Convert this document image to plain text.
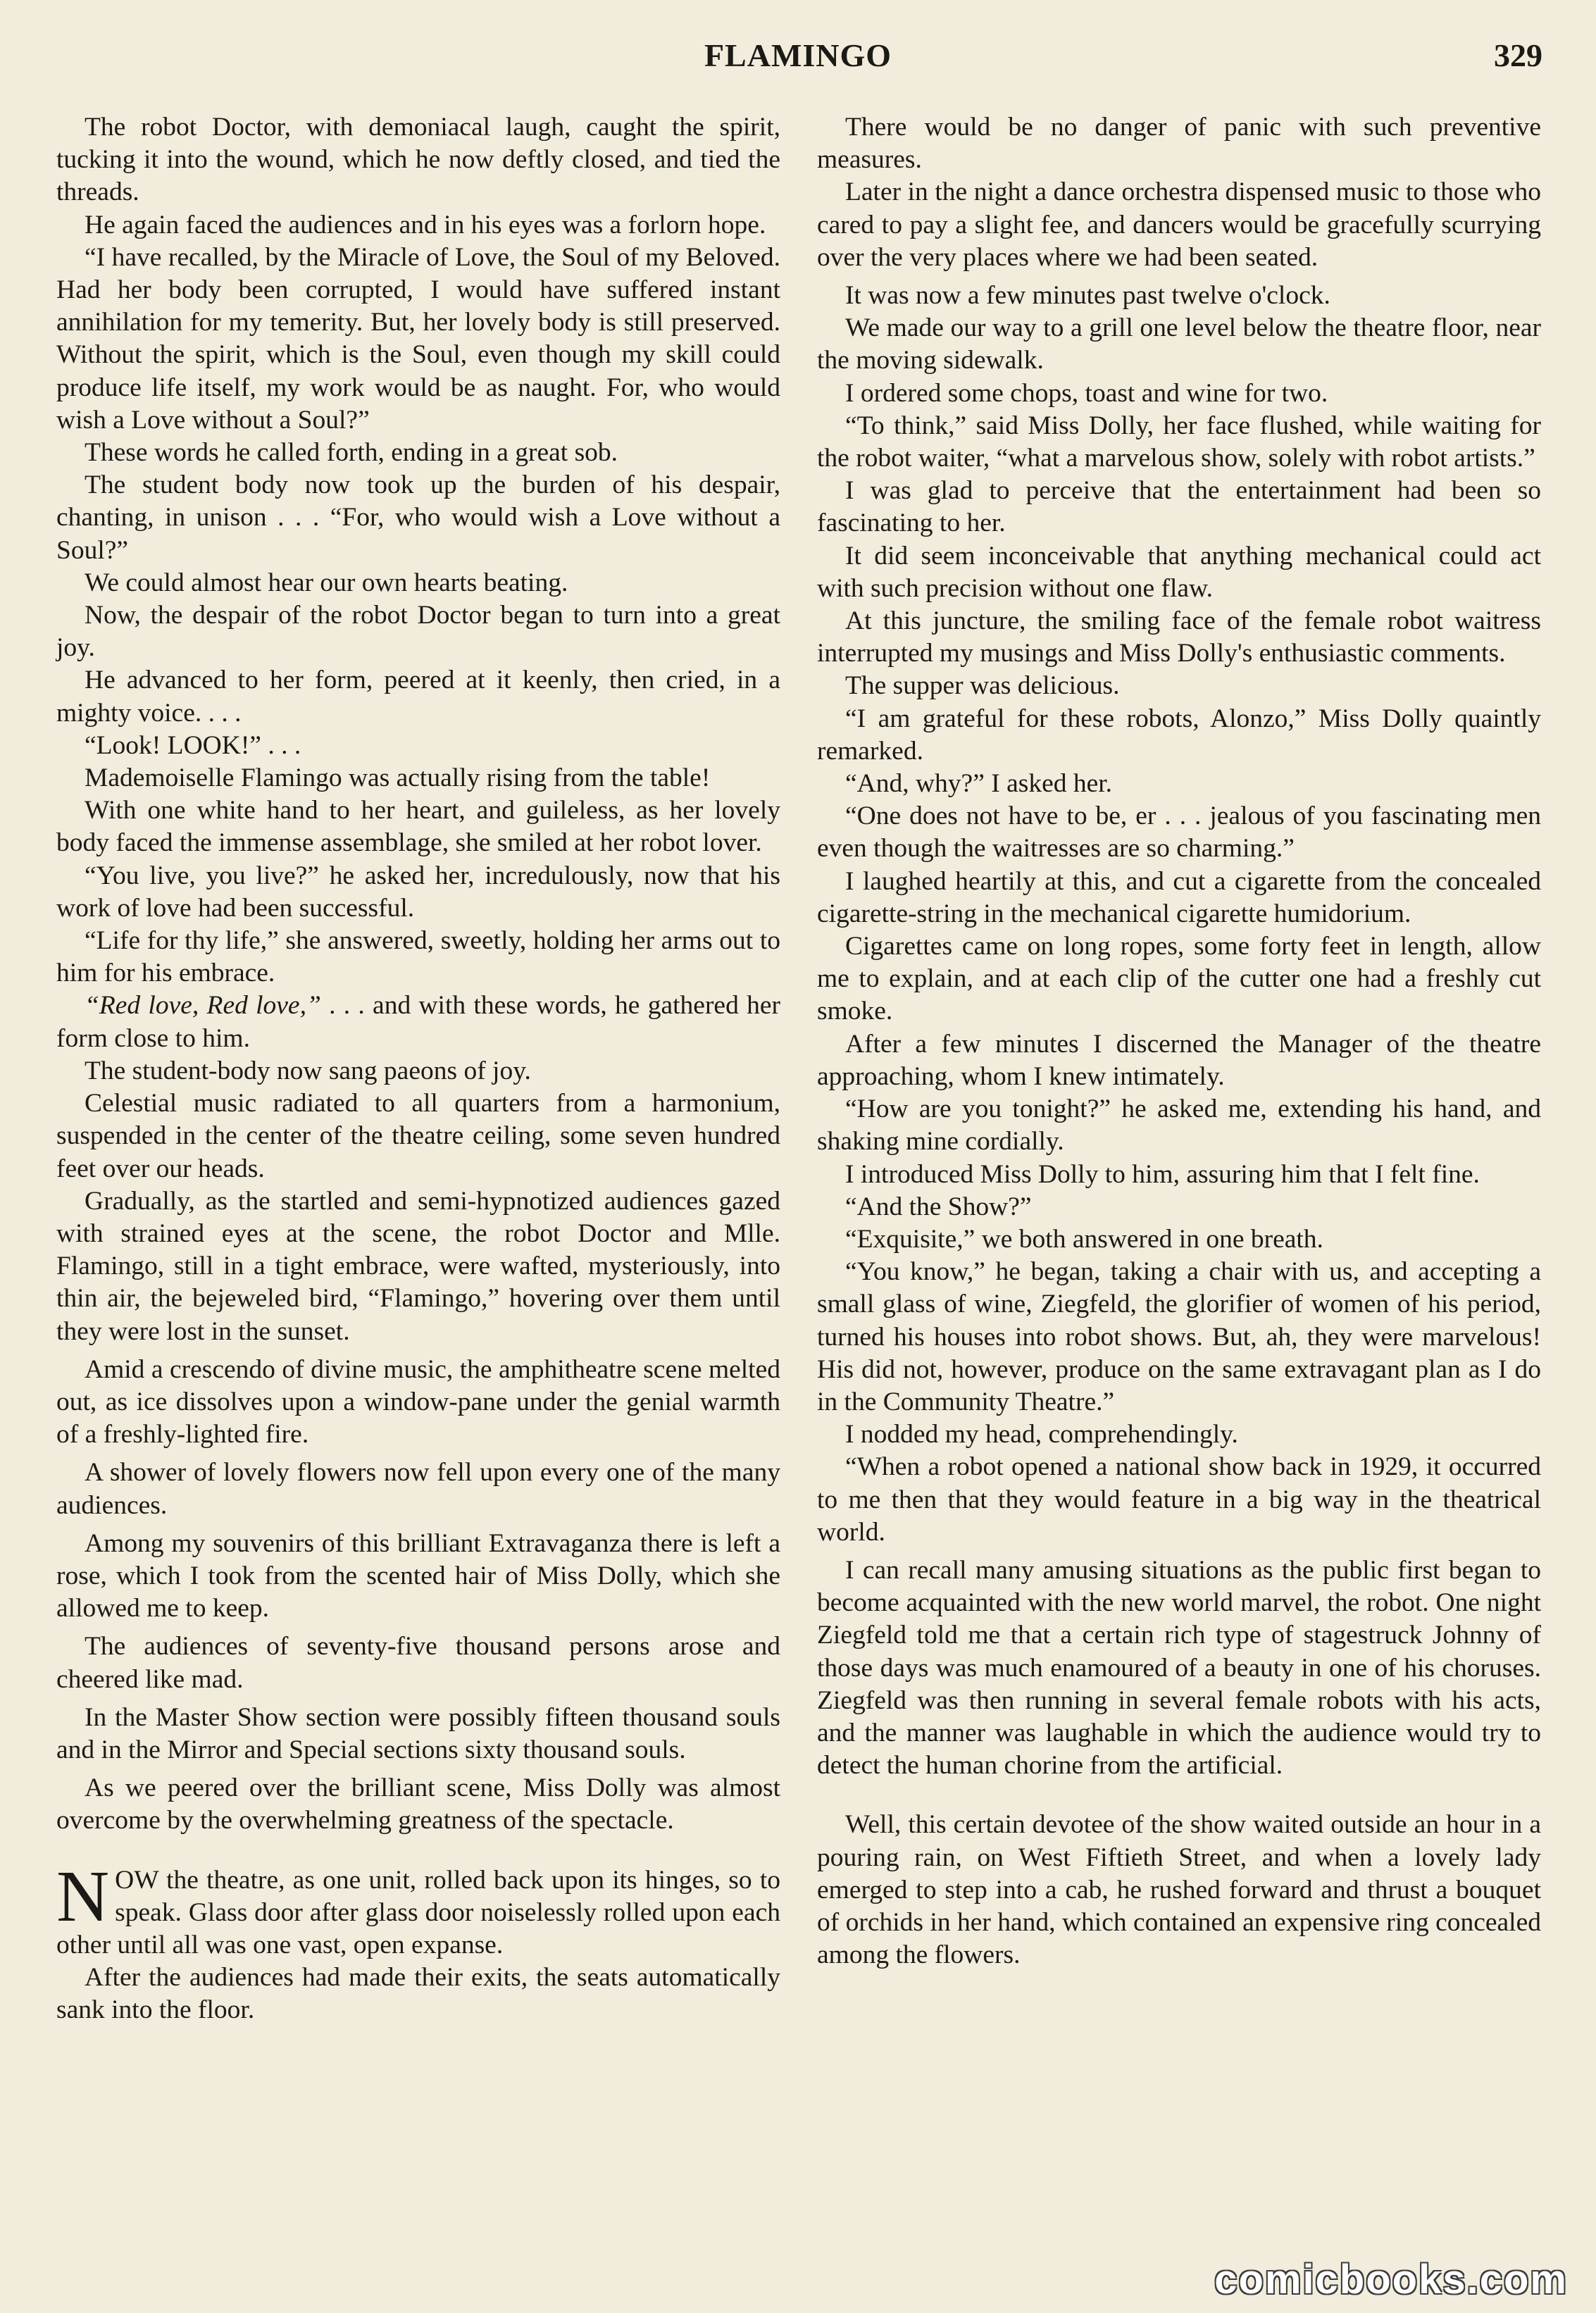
FLAMINGO	329

The robot Doctor, with demoniacal laugh, caught the spirit, tucking it into the wound, which he now deftly closed, and tied the threads.

He again faced the audiences and in his eyes was a forlorn hope.

“I have recalled, by the Miracle of Love, the Soul of my Beloved. Had her body been corrupted, I would have suffered instant annihilation for my temerity. But, her lovely body is still preserved. Without the spirit, which is the Soul, even though my skill could produce life itself, my work would be as naught. For, who would wish a Love without a Soul?”

These words he called forth, ending in a great sob.

The student body now took up the burden of his despair, chanting, in unison . . . “For, who would wish a Love without a Soul?”

We could almost hear our own hearts beating.

Now, the despair of the robot Doctor began to turn into a great joy.

He advanced to her form, peered at it keenly, then cried, in a mighty voice. . . .

“Look! LOOK!” . . .

Mademoiselle Flamingo was actually rising from the table!

With one white hand to her heart, and guileless, as her lovely body faced the immense assemblage, she smiled at her robot lover.

“You live, you live?” he asked her, incredulously, now that his work of love had been successful.

“Life for thy life,” she answered, sweetly, holding her arms out to him for his embrace.

“Red love, Red love,” . . . and with these words, he gathered her form close to him.

The student-body now sang paeons of joy.

Celestial music radiated to all quarters from a harmonium, suspended in the center of the theatre ceiling, some seven hundred feet over our heads.

Gradually, as the startled and semi-hypnotized audiences gazed with strained eyes at the scene, the robot Doctor and Mlle. Flamingo, still in a tight embrace, were wafted, mysteriously, into thin air, the bejeweled bird, “Flamingo,” hovering over them until they were lost in the sunset.

Amid a crescendo of divine music, the amphitheatre scene melted out, as ice dissolves upon a window-pane under the genial warmth of a freshly-lighted fire.

A shower of lovely flowers now fell upon every one of the many audiences.

Among my souvenirs of this brilliant Extravaganza there is left a rose, which I took from the scented hair of Miss Dolly, which she allowed me to keep.

The audiences of seventy-five thousand persons arose and cheered like mad.

In the Master Show section were possibly fifteen thousand souls and in the Mirror and Special sections sixty thousand souls.

As we peered over the brilliant scene, Miss Dolly was almost overcome by the overwhelming greatness of the spectacle.

NOW the theatre, as one unit, rolled back upon its hinges, so to speak. Glass door after glass door noiselessly rolled upon each other until all was one vast, open expanse.

After the audiences had made their exits, the seats automatically sank into the floor.

There would be no danger of panic with such preventive measures.

Later in the night a dance orchestra dispensed music to those who cared to pay a slight fee, and dancers would be gracefully scurrying over the very places where we had been seated.

It was now a few minutes past twelve o'clock.

We made our way to a grill one level below the theatre floor, near the moving sidewalk.

I ordered some chops, toast and wine for two.

“To think,” said Miss Dolly, her face flushed, while waiting for the robot waiter, “what a marvelous show, solely with robot artists.”

I was glad to perceive that the entertainment had been so fascinating to her.

It did seem inconceivable that anything mechanical could act with such precision without one flaw.

At this juncture, the smiling face of the female robot waitress interrupted my musings and Miss Dolly's enthusiastic comments.

The supper was delicious.

“I am grateful for these robots, Alonzo,” Miss Dolly quaintly remarked.

“And, why?” I asked her.

“One does not have to be, er . . . jealous of you fascinating men even though the waitresses are so charming.”

I laughed heartily at this, and cut a cigarette from the concealed cigarette-string in the mechanical cigarette humidorium.

Cigarettes came on long ropes, some forty feet in length, allow me to explain, and at each clip of the cutter one had a freshly cut smoke.

After a few minutes I discerned the Manager of the theatre approaching, whom I knew intimately.

“How are you tonight?” he asked me, extending his hand, and shaking mine cordially.

I introduced Miss Dolly to him, assuring him that I felt fine.

“And the Show?”

“Exquisite,” we both answered in one breath.

“You know,” he began, taking a chair with us, and accepting a small glass of wine, Ziegfeld, the glorifier of women of his period, turned his houses into robot shows. But, ah, they were marvelous! His did not, however, produce on the same extravagant plan as I do in the Community Theatre.”

I nodded my head, comprehendingly.

“When a robot opened a national show back in 1929, it occurred to me then that they would feature in a big way in the theatrical world.

I can recall many amusing situations as the public first began to become acquainted with the new world marvel, the robot. One night Ziegfeld told me that a certain rich type of stagestruck Johnny of those days was much enamoured of a beauty in one of his choruses. Ziegfeld was then running in several female robots with his acts, and the manner was laughable in which the audience would try to detect the human chorine from the artificial.

Well, this certain devotee of the show waited outside an hour in a pouring rain, on West Fiftieth Street, and when a lovely lady emerged to step into a cab, he rushed forward and thrust a bouquet of orchids in her hand, which contained an expensive ring concealed among the flowers.

comicbooks.com
